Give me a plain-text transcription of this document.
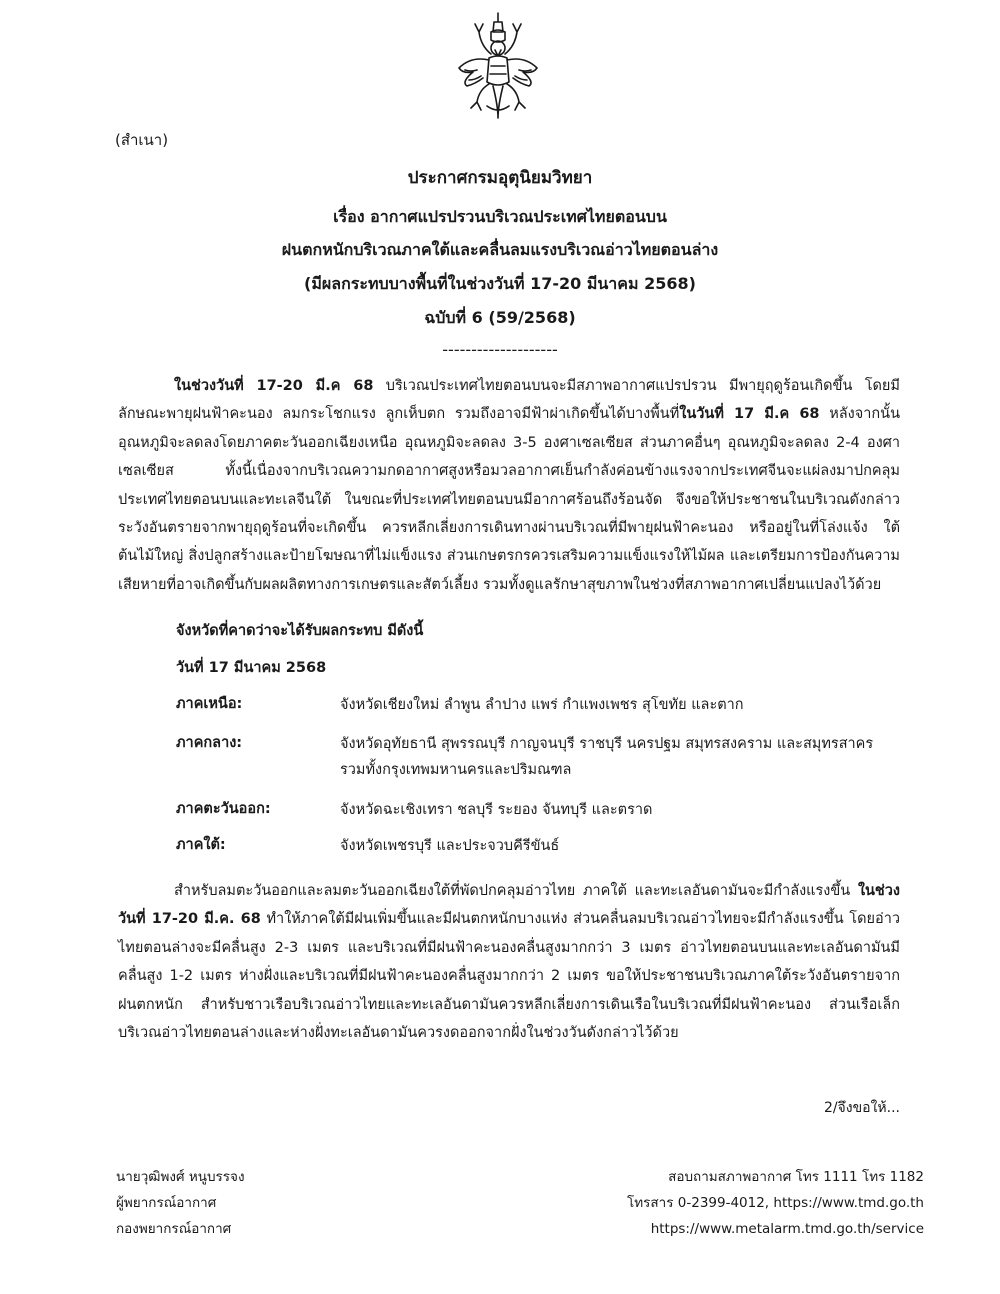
(สำเนา)
ประกาศกรมอุตุนิยมวิทยา
เรื่อง อากาศแปรปรวนบริเวณประเทศไทยตอนบน
ฝนตกหนักบริเวณภาคใต้และคลื่นลมแรงบริเวณอ่าวไทยตอนล่าง
(มีผลกระทบบางพื้นที่ในช่วงวันที่ 17-20 มีนาคม 2568)
ฉบับที่ 6 (59/2568)
--------------------
ในช่วงวันที่ 17-20 มี.ค 68 บริเวณประเทศไทยตอนบนจะมีสภาพอากาศแปรปรวน มีพายุฤดูร้อนเกิดขึ้น โดยมีลักษณะพายุฝนฟ้าคะนอง ลมกระโชกแรง ลูกเห็บตก รวมถึงอาจมีฟ้าผ่าเกิดขึ้นได้บางพื้นที่ในวันที่ 17 มี.ค 68 หลังจากนั้นอุณหภูมิจะลดลงโดยภาคตะวันออกเฉียงเหนือ อุณหภูมิจะลดลง 3-5 องศาเซลเซียส ส่วนภาคอื่นๆ อุณหภูมิจะลดลง 2-4 องศาเซลเซียส ทั้งนี้เนื่องจากบริเวณความกดอากาศสูงหรือมวลอากาศเย็นกำลังค่อนข้างแรงจากประเทศจีนจะแผ่ลงมาปกคลุมประเทศไทยตอนบนและทะเลจีนใต้ ในขณะที่ประเทศไทยตอนบนมีอากาศร้อนถึงร้อนจัด จึงขอให้ประชาชนในบริเวณดังกล่าวระวังอันตรายจากพายุฤดูร้อนที่จะเกิดขึ้น ควรหลีกเลี่ยงการเดินทางผ่านบริเวณที่มีพายุฝนฟ้าคะนอง หรืออยู่ในที่โล่งแจ้ง ใต้ต้นไม้ใหญ่ สิ่งปลูกสร้างและป้ายโฆษณาที่ไม่แข็งแรง ส่วนเกษตรกรควรเสริมความแข็งแรงให้ไม้ผล และเตรียมการป้องกันความเสียหายที่อาจเกิดขึ้นกับผลผลิตทางการเกษตรและสัตว์เลี้ยง รวมทั้งดูแลรักษาสุขภาพในช่วงที่สภาพอากาศเปลี่ยนแปลงไว้ด้วย
จังหวัดที่คาดว่าจะได้รับผลกระทบ มีดังนี้
วันที่ 17 มีนาคม 2568
ภาคเหนือ:	จังหวัดเชียงใหม่ ลำพูน ลำปาง แพร่ กำแพงเพชร สุโขทัย และตาก
ภาคกลาง:	จังหวัดอุทัยธานี สุพรรณบุรี กาญจนบุรี ราชบุรี นครปฐม สมุทรสงคราม และสมุทรสาคร รวมทั้งกรุงเทพมหานครและปริมณฑล
ภาคตะวันออก:	จังหวัดฉะเชิงเทรา ชลบุรี ระยอง จันทบุรี และตราด
ภาคใต้:	จังหวัดเพชรบุรี และประจวบคีรีขันธ์
สำหรับลมตะวันออกและลมตะวันออกเฉียงใต้ที่พัดปกคลุมอ่าวไทย ภาคใต้ และทะเลอันดามันจะมีกำลังแรงขึ้น ในช่วงวันที่ 17-20 มี.ค. 68 ทำให้ภาคใต้มีฝนเพิ่มขึ้นและมีฝนตกหนักบางแห่ง ส่วนคลื่นลมบริเวณอ่าวไทยจะมีกำลังแรงขึ้น โดยอ่าวไทยตอนล่างจะมีคลื่นสูง 2-3 เมตร และบริเวณที่มีฝนฟ้าคะนองคลื่นสูงมากกว่า 3 เมตร อ่าวไทยตอนบนและทะเลอันดามันมีคลื่นสูง 1-2 เมตร ห่างฝั่งและบริเวณที่มีฝนฟ้าคะนองคลื่นสูงมากกว่า 2 เมตร ขอให้ประชาชนบริเวณภาคใต้ระวังอันตรายจากฝนตกหนัก สำหรับชาวเรือบริเวณอ่าวไทยและทะเลอันดามันควรหลีกเลี่ยงการเดินเรือในบริเวณที่มีฝนฟ้าคะนอง ส่วนเรือเล็กบริเวณอ่าวไทยตอนล่างและห่างฝั่งทะเลอันดามันควรงดออกจากฝั่งในช่วงวันดังกล่าวไว้ด้วย
2/จึงขอให้...
นายวุฒิพงศ์ หนูบรรจง
ผู้พยากรณ์อากาศ
กองพยากรณ์อากาศ
สอบถามสภาพอากาศ โทร 1111 โทร 1182
โทรสาร 0-2399-4012, https://www.tmd.go.th
https://www.metalarm.tmd.go.th/service
